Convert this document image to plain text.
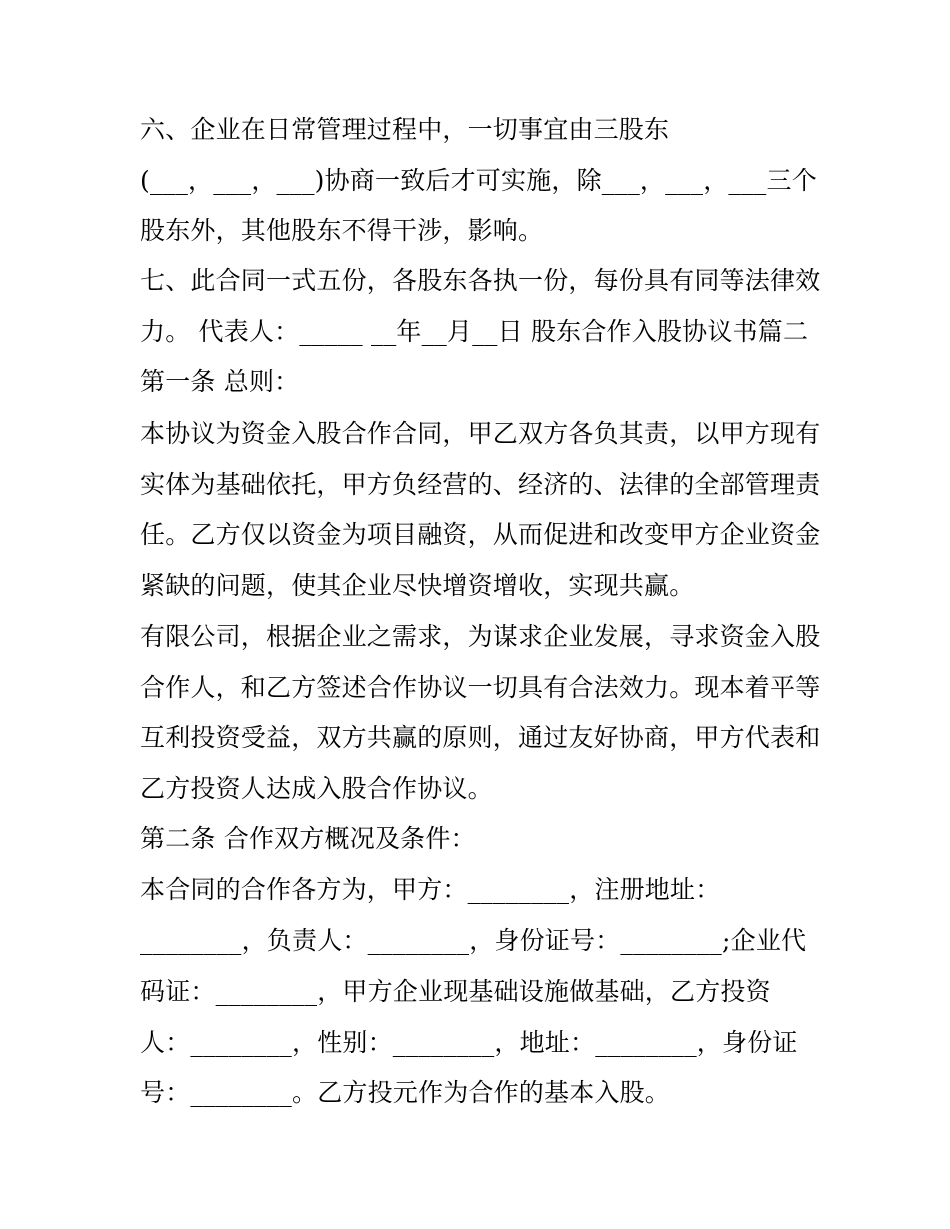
六、企业在日常管理过程中，一切事宜由三股东
(___，___，___)协商一致后才可实施，除___，___，___三个
股东外，其他股东不得干涉，影响。
七、此合同一式五份，各股东各执一份，每份具有同等法律效
力。 代表人：_____ __年__月__日 股东合作入股协议书篇二
第一条 总则：
本协议为资金入股合作合同，甲乙双方各负其责，以甲方现有
实体为基础依托，甲方负经营的、经济的、法律的全部管理责
任。乙方仅以资金为项目融资，从而促进和改变甲方企业资金
紧缺的问题，使其企业尽快增资增收，实现共赢。
有限公司，根据企业之需求，为谋求企业发展，寻求资金入股
合作人，和乙方签述合作协议一切具有合法效力。现本着平等
互利投资受益，双方共赢的原则，通过友好协商，甲方代表和
乙方投资人达成入股合作协议。
第二条 合作双方概况及条件：
本合同的合作各方为，甲方：________，注册地址：
________，负责人：________，身份证号：________;企业代
码证：________，甲方企业现基础设施做基础，乙方投资
人：________，性别：________，地址：________，身份证
号：________。乙方投元作为合作的基本入股。
